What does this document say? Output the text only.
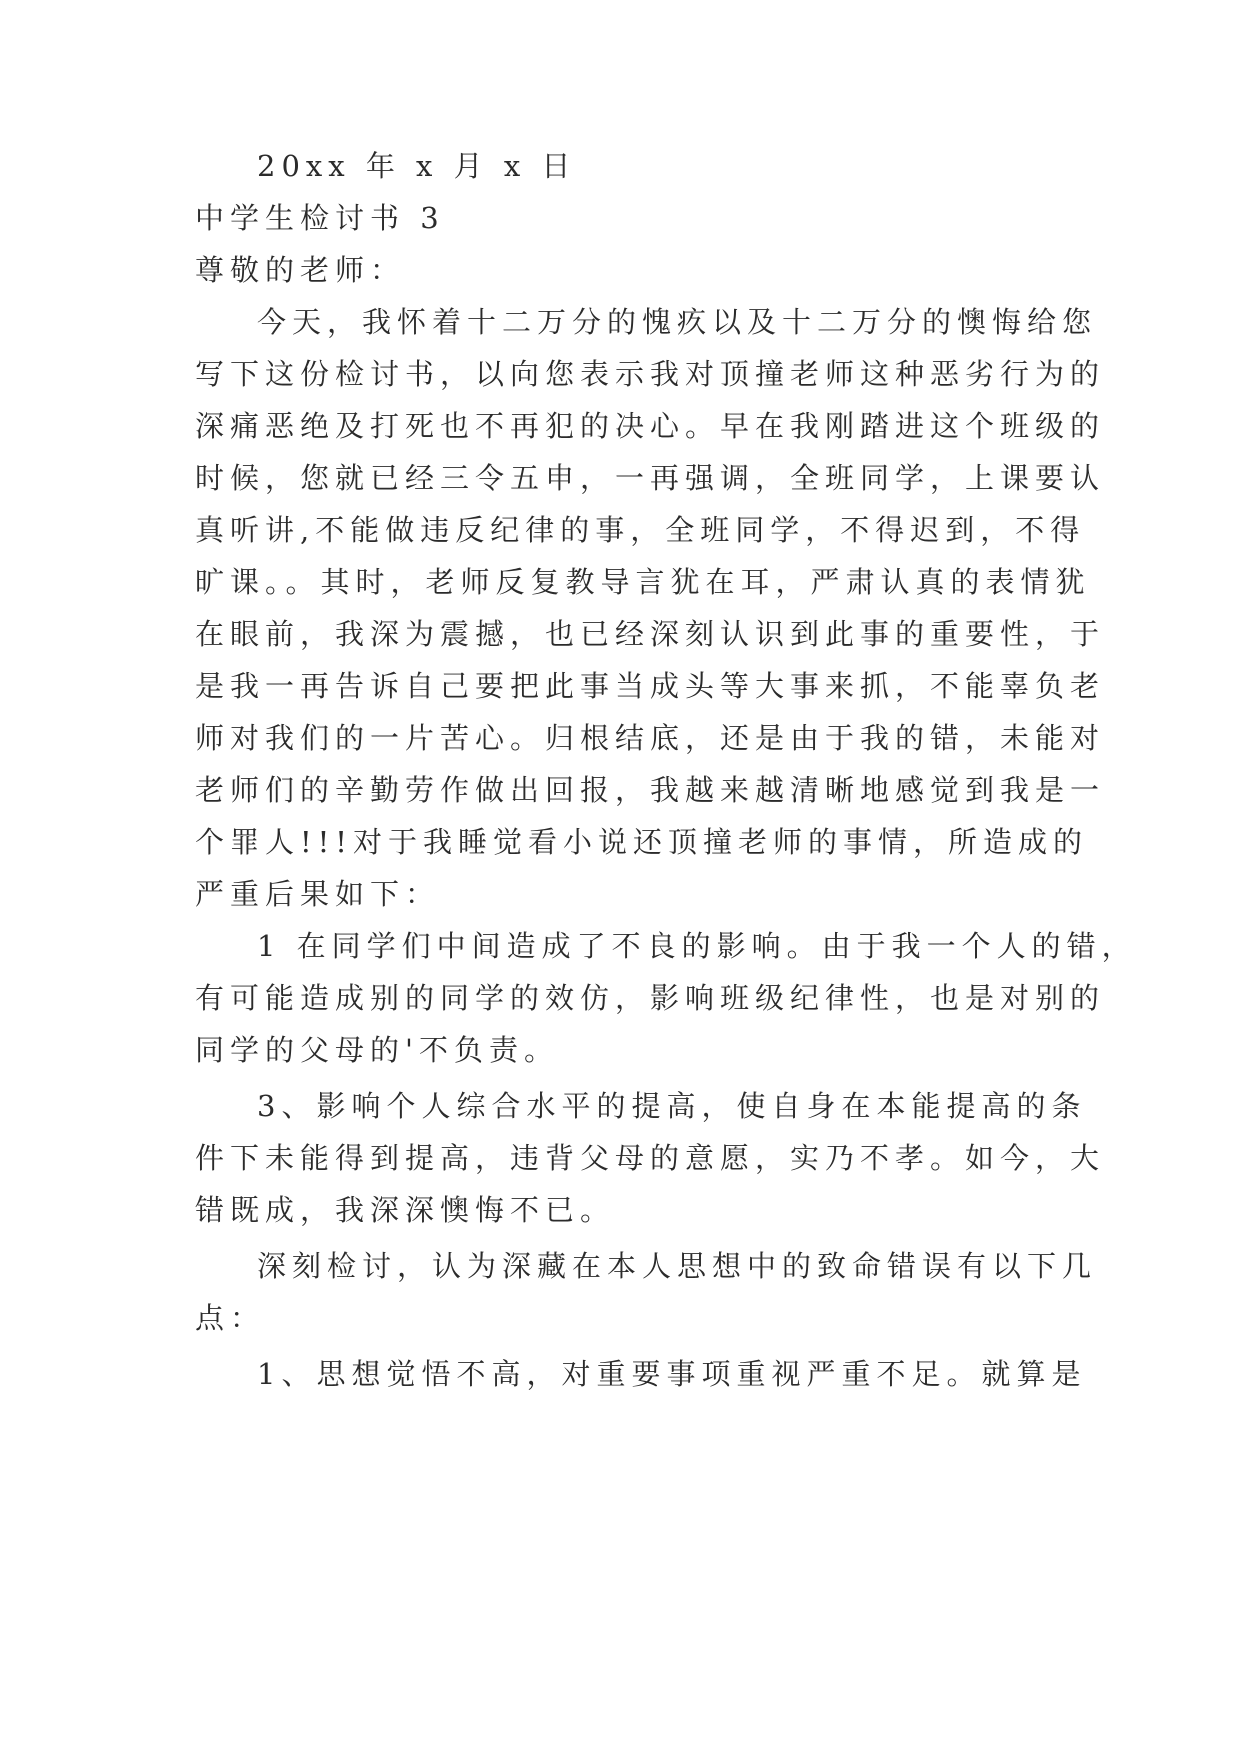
20xx 年 x 月 x 日
中学生检讨书 3
尊敬的老师：
今天，我怀着十二万分的愧疚以及十二万分的懊悔给您
写下这份检讨书，以向您表示我对顶撞老师这种恶劣行为的
深痛恶绝及打死也不再犯的决心。早在我刚踏进这个班级的
时候，您就已经三令五申，一再强调，全班同学，上课要认
真听讲,不能做违反纪律的事，全班同学，不得迟到，不得
旷课。。其时，老师反复教导言犹在耳，严肃认真的表情犹
在眼前，我深为震撼，也已经深刻认识到此事的重要性，于
是我一再告诉自己要把此事当成头等大事来抓，不能辜负老
师对我们的一片苦心。归根结底，还是由于我的错，未能对
老师们的辛勤劳作做出回报，我越来越清晰地感觉到我是一
个罪人!!!对于我睡觉看小说还顶撞老师的事情，所造成的
严重后果如下：
1 在同学们中间造成了不良的影响。由于我一个人的错，
有可能造成别的同学的效仿，影响班级纪律性，也是对别的
同学的父母的'不负责。
3、影响个人综合水平的提高，使自身在本能提高的条
件下未能得到提高，违背父母的意愿，实乃不孝。如今，大
错既成，我深深懊悔不已。
深刻检讨，认为深藏在本人思想中的致命错误有以下几
点：
1、思想觉悟不高，对重要事项重视严重不足。就算是
